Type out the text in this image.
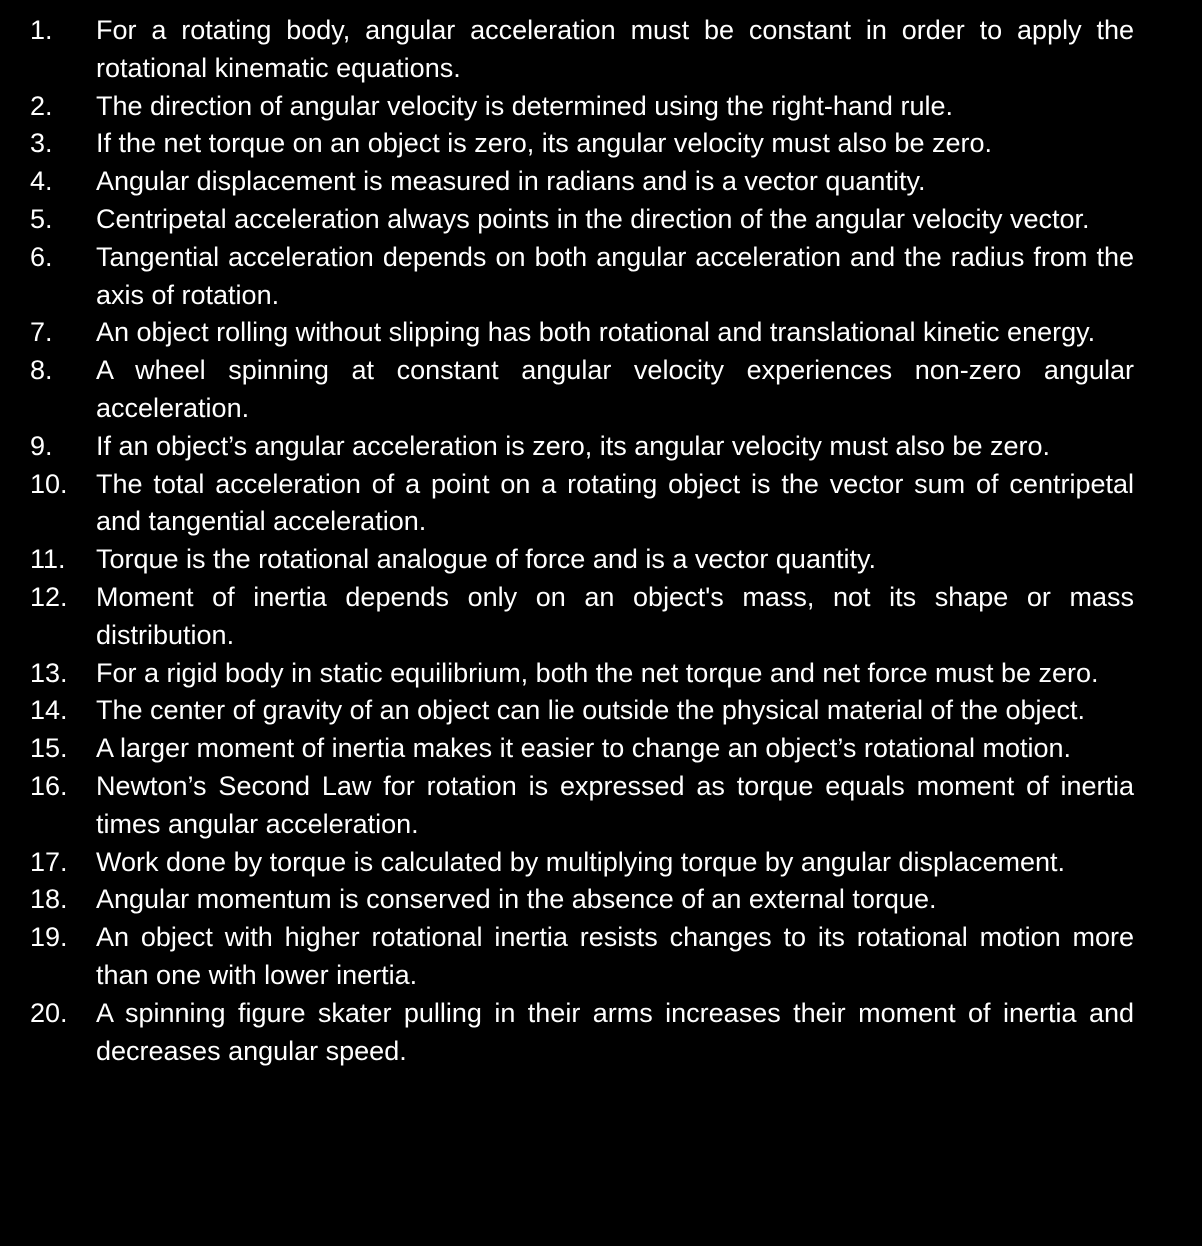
1.	For a rotating body, angular acceleration must be constant in order to apply the rotational kinematic equations.
2.	The direction of angular velocity is determined using the right-hand rule.
3.	If the net torque on an object is zero, its angular velocity must also be zero.
4.	Angular displacement is measured in radians and is a vector quantity.
5.	Centripetal acceleration always points in the direction of the angular velocity vector.
6.	Tangential acceleration depends on both angular acceleration and the radius from the axis of rotation.
7.	An object rolling without slipping has both rotational and translational kinetic energy.
8.	A wheel spinning at constant angular velocity experiences non-zero angular acceleration.
9.	If an object’s angular acceleration is zero, its angular velocity must also be zero.
10.	The total acceleration of a point on a rotating object is the vector sum of centripetal and tangential acceleration.
11.	Torque is the rotational analogue of force and is a vector quantity.
12.	Moment of inertia depends only on an object's mass, not its shape or mass distribution.
13.	For a rigid body in static equilibrium, both the net torque and net force must be zero.
14.	The center of gravity of an object can lie outside the physical material of the object.
15.	A larger moment of inertia makes it easier to change an object’s rotational motion.
16.	Newton’s Second Law for rotation is expressed as torque equals moment of inertia times angular acceleration.
17.	Work done by torque is calculated by multiplying torque by angular displacement.
18.	Angular momentum is conserved in the absence of an external torque.
19.	An object with higher rotational inertia resists changes to its rotational motion more than one with lower inertia.
20.	A spinning figure skater pulling in their arms increases their moment of inertia and decreases angular speed.
